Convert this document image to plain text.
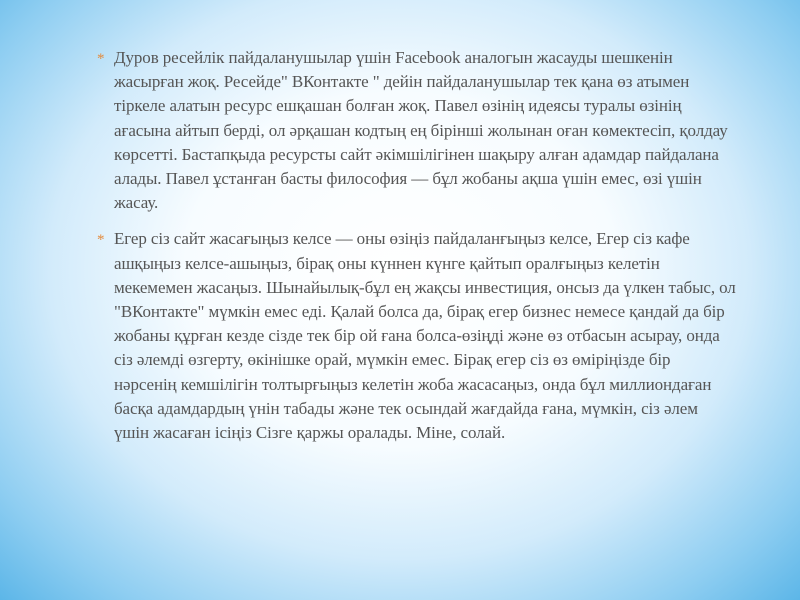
* Дуров ресейлік пайдаланушылар үшін Facebook аналогын жасауды шешкенін жасырған жоқ. Ресейде" ВКонтакте " дейін пайдаланушылар тек қана өз атымен тіркеле алатын ресурс ешқашан болған жоқ. Павел өзінің идеясы туралы өзінің ағасына айтып берді, ол әрқашан кодтың ең бірінші жолынан оған көмектесіп, қолдау көрсетті. Бастапқыда ресурсты сайт әкімшілігінен шақыру алған адамдар пайдалана алады. Павел ұстанған басты философия — бұл жобаны ақша үшін емес, өзі үшін жасау.

* Егер сіз сайт жасағыңыз келсе — оны өзіңіз пайдаланғыңыз келсе, Егер сіз кафе ашқыңыз келсе-ашыңыз, бірақ оны күннен күнге қайтып оралғыңыз келетін мекемемен жасаңыз. Шынайылық-бұл ең жақсы инвестиция, онсыз да үлкен табыс, ол "ВКонтакте" мүмкін емес еді. Қалай болса да, бірақ егер бизнес немесе қандай да бір жобаны құрған кезде сізде тек бір ой ғана болса-өзіңді және өз отбасын асырау, онда сіз әлемді өзгерту, өкінішке орай, мүмкін емес. Бірақ егер сіз өз өміріңізде бір нәрсенің кемшілігін толтырғыңыз келетін жоба жасасаңыз, онда бұл миллиондаған басқа адамдардың үнін табады және тек осындай жағдайда ғана, мүмкін, сіз әлем үшін жасаған ісіңіз Сізге қаржы оралады. Міне, солай.
